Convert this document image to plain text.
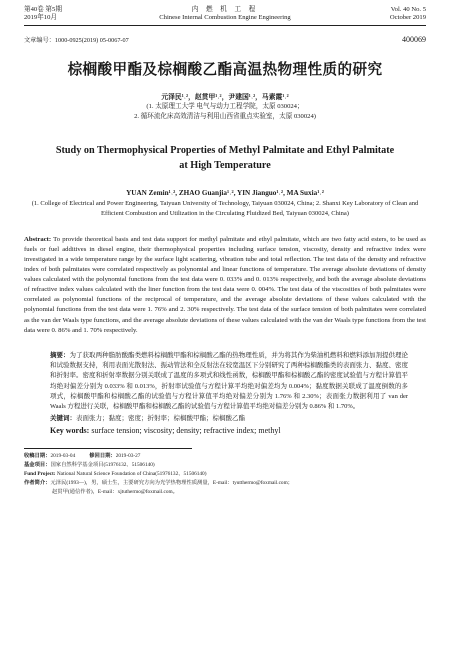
第40卷 第5期
2019年10月
内 燃 机 工 程
Chinese Internal Combustion Engine Engineering
Vol. 40 No. 5
October 2019
文章编号：1000-0925(2019) 05-0067-07	400069
棕榈酸甲酯及棕榈酸乙酯高温热物理性质的研究
元泽民¹˒²，赵贯甲¹˒²，尹建国¹˒²，马素霞¹˒²
(1. 太原理工大学 电气与动力工程学院，太原 030024；
2. 循环流化床高效清洁与利用山西省重点实验室，太原 030024)
Study on Thermophysical Properties of Methyl Palmitate and Ethyl Palmitate at High Temperature
YUAN Zemin¹˒², ZHAO Guanjia¹˒², YIN Jianguo¹˒², MA Suxia¹˒²
(1. College of Electrical and Power Engineering, Taiyuan University of Technology, Taiyuan 030024, China; 2. Shanxi Key Laboratory of Clean and Efficient Combustion and Utilization in the Circulating Fluidized Bed, Taiyuan 030024, China)
Abstract: To provide theoretical basis and test data support for methyl palmitate and ethyl palmitate, which are two fatty acid esters, to be used as fuels or fuel additives in diesel engine, their thermophysical properties including surface tension, viscosity, density and refractive index were investigated in a wide temperature range by the surface light scattering, vibration tube and total reflection. The test data of the density and refractive index of both palmitates were correlated respectively as polynomial and linear functions of temperature. The average absolute deviations of density values calculated with the polynomial functions from the test data were 0. 033% and 0. 013% respectively, and both the average absolute deviations of refractive index values calculated with the liner function from the test data were 0. 004%. The test data of the viscosities of both palmitates were correlated as polynomial functions of the reciprocal of temperature, and the average absolute deviations of these values calculated with the polynomial functions from the test data were 1. 76% and 2. 30% respectively. The test data of the surface tension of both palmitates were correlated as the van der Waals type functions, and the average absolute deviations of these values calculated with the van der Waals type functions from the test data were 0. 86% and 1. 70% respectively.
摘要：为了获取两种脂肪酸酯类燃料棕榈酸甲酯和棕榈酸乙酯的热物理性质，并为将其作为柴油机燃料和燃料添加剂提供理论和试验数据支持，利用表面光散射法、振动管法和全反射法在较宽温区下分别研究了两种棕榈酸酯类的表面张力、黏度、密度和折射率。密度和折射率数据分别关联成了温度的多项式和线性函数，棕榈酸甲酯和棕榈酸乙酯的密度试验值与方程计算值平均绝对偏差分别为 0.033% 和 0.013%，折射率试验值与方程计算平均绝对偏差均为 0.004%；黏度数据关联成了温度倒数的多项式，棕榈酸甲酯和棕榈酸乙酯的试验值与方程计算值平均绝对偏差分别为 1.76% 和 2.30%；表面张力数据利用了 van der Waals 方程进行关联，棕榈酸甲酯和棕榈酸乙酯的试验值与方程计算值平均绝对偏差分别为 0.86% 和 1.70%。
关键词：表面张力；黏度；密度；折射率；棕榈酸甲酯；棕榈酸乙酯
Key words: surface tension; viscosity; density; refractive index; methyl
收稿日期：2019-03-04	修回日期：2019-03-27
基金项目：国家自然科学基金项目(51976132、51506140)
Fund Project: National Natural Science Foundation of China(51976132、51506140)
作者简介：元泽民(1993—)，男，硕士生，主要研究方向为光学热物理性质测量，E-mail：tyutthermo@foxmail.com；
赵贯甲(通信作者)，E-mail：xjtuthermo@foxmail.com。
